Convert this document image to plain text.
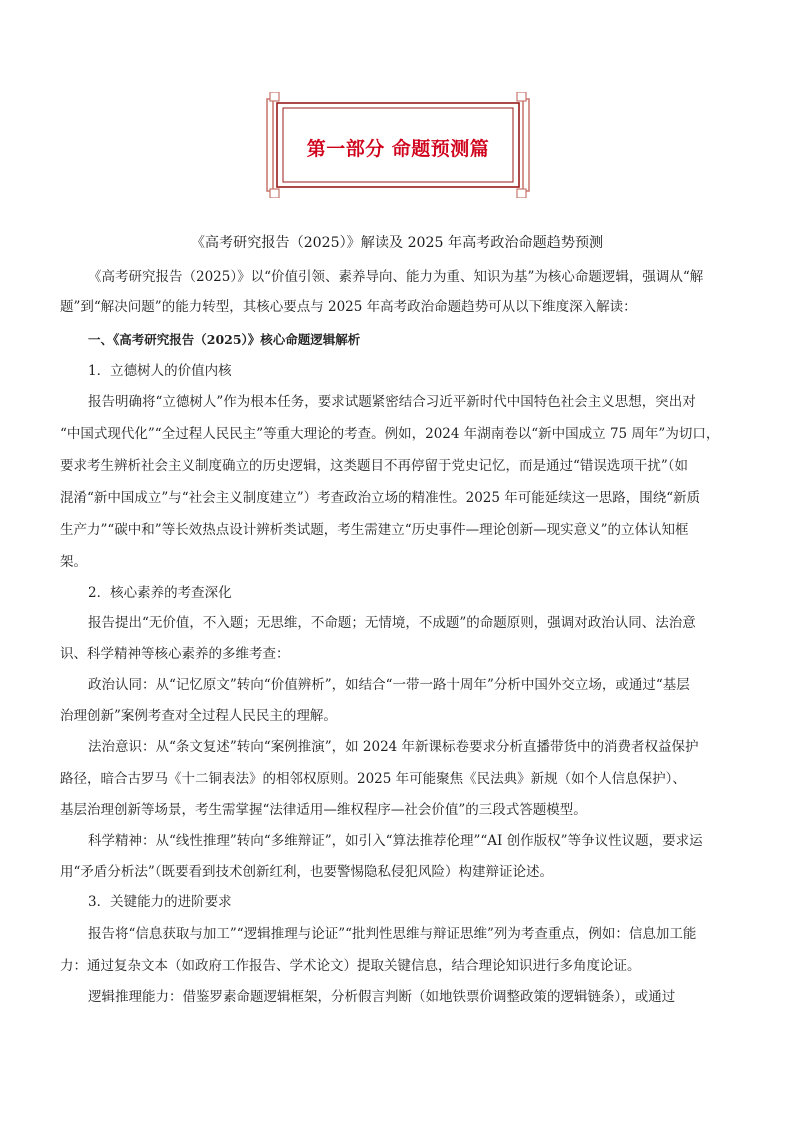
第一部分 命题预测篇
《高考研究报告（2025）》解读及 2025 年高考政治命题趋势预测
《高考研究报告（2025）》以“价值引领、素养导向、能力为重、知识为基”为核心命题逻辑，强调从“解
题”到“解决问题”的能力转型，其核心要点与 2025 年高考政治命题趋势可从以下维度深入解读：
一、《高考研究报告（2025）》核心命题逻辑解析
1．立德树人的价值内核
报告明确将“立德树人”作为根本任务，要求试题紧密结合习近平新时代中国特色社会主义思想，突出对
“中国式现代化”“全过程人民民主”等重大理论的考查。例如，2024 年湖南卷以“新中国成立 75 周年”为切口，
要求考生辨析社会主义制度确立的历史逻辑，这类题目不再停留于党史记忆，而是通过“错误选项干扰”（如
混淆“新中国成立”与“社会主义制度建立”）考查政治立场的精准性。2025 年可能延续这一思路，围绕“新质
生产力”“碳中和”等长效热点设计辨析类试题，考生需建立“历史事件—理论创新—现实意义”的立体认知框
架。
2．核心素养的考查深化
报告提出“无价值，不入题；无思维，不命题；无情境，不成题”的命题原则，强调对政治认同、法治意
识、科学精神等核心素养的多维考查：
政治认同：从“记忆原文”转向“价值辨析”，如结合“一带一路十周年”分析中国外交立场，或通过“基层
治理创新”案例考查对全过程人民民主的理解。
法治意识：从“条文复述”转向“案例推演”，如 2024 年新课标卷要求分析直播带货中的消费者权益保护
路径，暗合古罗马《十二铜表法》的相邻权原则。2025 年可能聚焦《民法典》新规（如个人信息保护）、
基层治理创新等场景，考生需掌握“法律适用—维权程序—社会价值”的三段式答题模型。
科学精神：从“线性推理”转向“多维辩证”，如引入“算法推荐伦理”“AI 创作版权”等争议性议题，要求运
用“矛盾分析法”（既要看到技术创新红利，也要警惕隐私侵犯风险）构建辩证论述。
3．关键能力的进阶要求
报告将“信息获取与加工”“逻辑推理与论证”“批判性思维与辩证思维”列为考查重点，例如：信息加工能
力：通过复杂文本（如政府工作报告、学术论文）提取关键信息，结合理论知识进行多角度论证。
逻辑推理能力：借鉴罗素命题逻辑框架，分析假言判断（如地铁票价调整政策的逻辑链条），或通过
